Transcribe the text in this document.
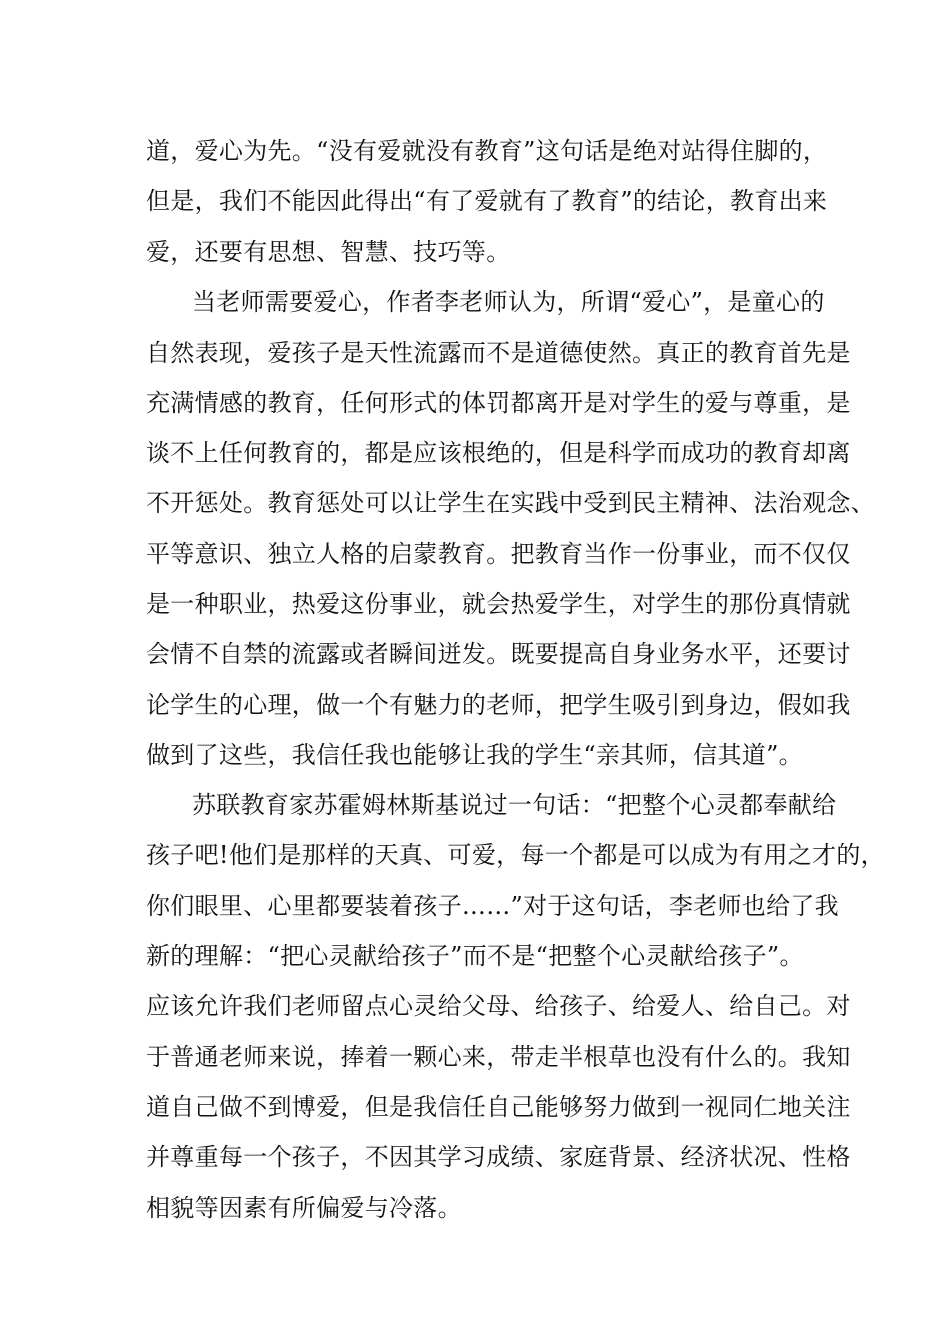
道，爱心为先。“没有爱就没有教育”这句话是绝对站得住脚的，
但是，我们不能因此得出“有了爱就有了教育”的结论，教育出来
爱，还要有思想、智慧、技巧等。
当老师需要爱心，作者李老师认为，所谓“爱心”，是童心的
自然表现，爱孩子是天性流露而不是道德使然。真正的教育首先是
充满情感的教育，任何形式的体罚都离开是对学生的爱与尊重，是
谈不上任何教育的，都是应该根绝的，但是科学而成功的教育却离
不开惩处。教育惩处可以让学生在实践中受到民主精神、法治观念、
平等意识、独立人格的启蒙教育。把教育当作一份事业，而不仅仅
是一种职业，热爱这份事业，就会热爱学生，对学生的那份真情就
会情不自禁的流露或者瞬间迸发。既要提高自身业务水平，还要讨
论学生的心理，做一个有魅力的老师，把学生吸引到身边，假如我
做到了这些，我信任我也能够让我的学生“亲其师，信其道”。
苏联教育家苏霍姆林斯基说过一句话：“把整个心灵都奉献给
孩子吧!他们是那样的天真、可爱，每一个都是可以成为有用之才的，
你们眼里、心里都要装着孩子……”对于这句话，李老师也给了我
新的理解：“把心灵献给孩子”而不是“把整个心灵献给孩子”。
应该允许我们老师留点心灵给父母、给孩子、给爱人、给自己。对
于普通老师来说，捧着一颗心来，带走半根草也没有什么的。我知
道自己做不到博爱，但是我信任自己能够努力做到一视同仁地关注
并尊重每一个孩子，不因其学习成绩、家庭背景、经济状况、性格
相貌等因素有所偏爱与冷落。
